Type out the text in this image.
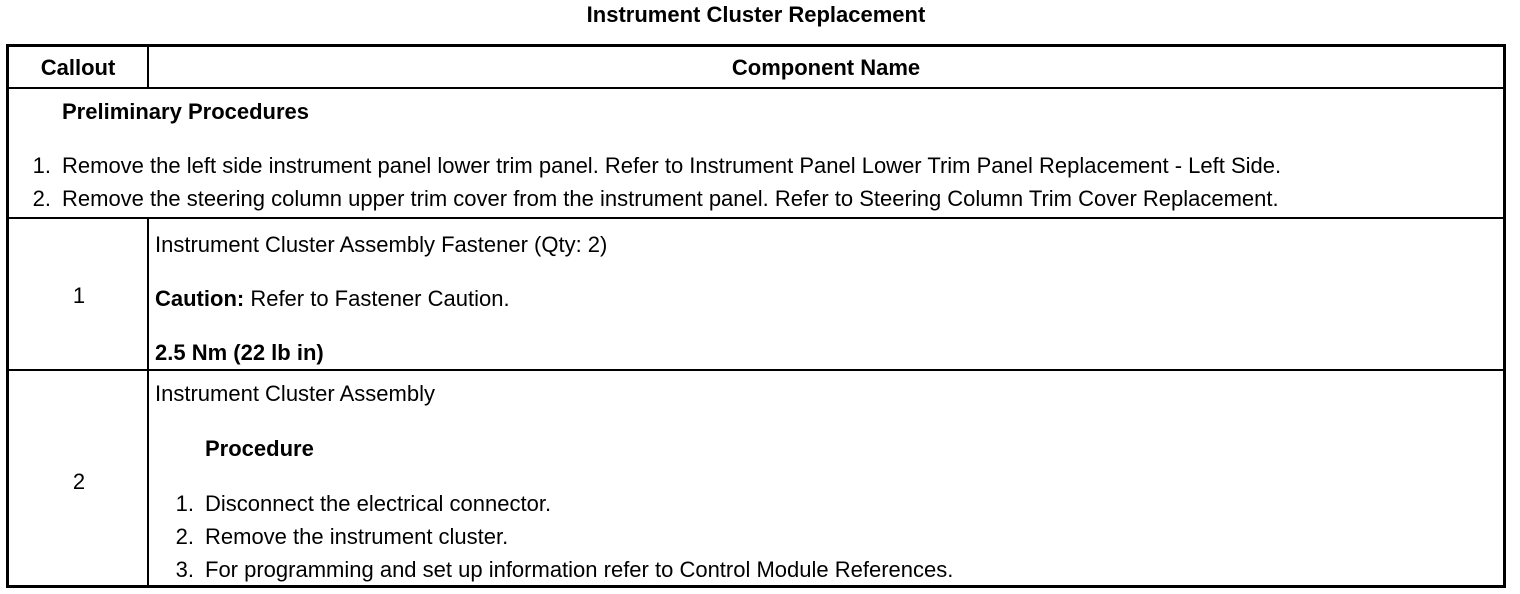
Instrument Cluster Replacement
Callout	Component Name
Preliminary Procedures
1. Remove the left side instrument panel lower trim panel. Refer to Instrument Panel Lower Trim Panel Replacement - Left Side.
2. Remove the steering column upper trim cover from the instrument panel. Refer to Steering Column Trim Cover Replacement.
1
Instrument Cluster Assembly Fastener (Qty: 2)
Caution: Refer to Fastener Caution.
2.5 Nm (22 lb in)
2
Instrument Cluster Assembly
Procedure
1. Disconnect the electrical connector.
2. Remove the instrument cluster.
3. For programming and set up information refer to Control Module References.
